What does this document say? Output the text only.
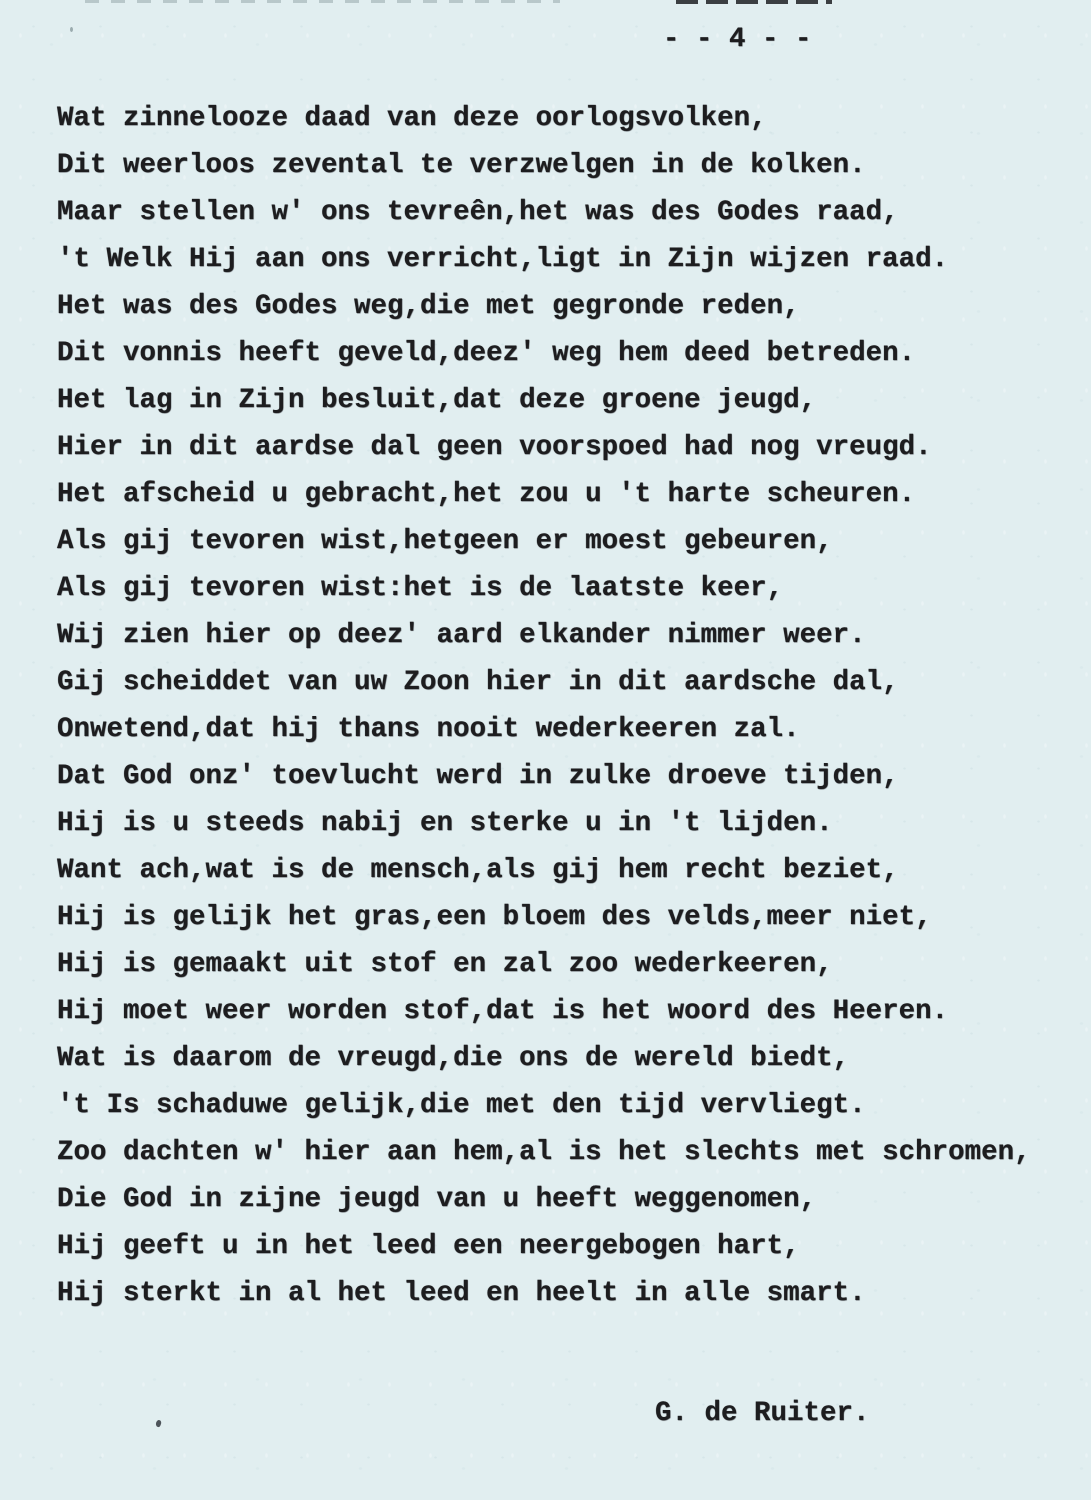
- - 4 - -
Wat zinnelooze daad van deze oorlogsvolken,
Dit weerloos zevental te verzwelgen in de kolken.
Maar stellen w' ons tevreên,het was des Godes raad,
't Welk Hij aan ons verricht,ligt in Zijn wijzen raad.
Het was des Godes weg,die met gegronde reden,
Dit vonnis heeft geveld,deez' weg hem deed betreden.
Het lag in Zijn besluit,dat deze groene jeugd,
Hier in dit aardse dal geen voorspoed had nog vreugd.
Het afscheid u gebracht,het zou u 't harte scheuren.
Als gij tevoren wist,hetgeen er moest gebeuren,
Als gij tevoren wist:het is de laatste keer,
Wij zien hier op deez' aard elkander nimmer weer.
Gij scheiddet van uw Zoon hier in dit aardsche dal,
Onwetend,dat hij thans nooit wederkeeren zal.
Dat God onz' toevlucht werd in zulke droeve tijden,
Hij is u steeds nabij en sterke u in 't lijden.
Want ach,wat is de mensch,als gij hem recht beziet,
Hij is gelijk het gras,een bloem des velds,meer niet,
Hij is gemaakt uit stof en zal zoo wederkeeren,
Hij moet weer worden stof,dat is het woord des Heeren.
Wat is daarom de vreugd,die ons de wereld biedt,
't Is schaduwe gelijk,die met den tijd vervliegt.
Zoo dachten w' hier aan hem,al is het slechts met schromen,
Die God in zijne jeugd van u heeft weggenomen,
Hij geeft u in het leed een neergebogen hart,
Hij sterkt in al het leed en heelt in alle smart.
G. de Ruiter.
